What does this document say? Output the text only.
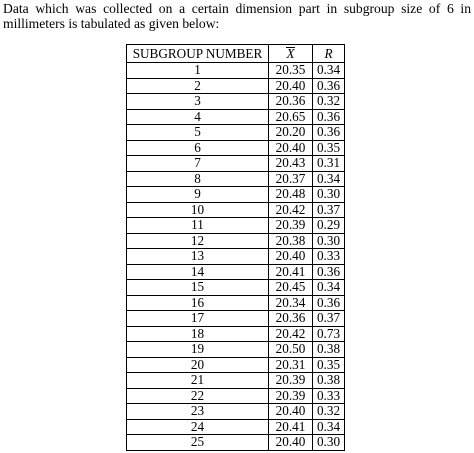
Data which was collected on a certain dimension part in subgroup size of 6 in millimeters is tabulated as given below:

SUBGROUP NUMBER	X	R
1	20.35	0.34
2	20.40	0.36
3	20.36	0.32
4	20.65	0.36
5	20.20	0.36
6	20.40	0.35
7	20.43	0.31
8	20.37	0.34
9	20.48	0.30
10	20.42	0.37
11	20.39	0.29
12	20.38	0.30
13	20.40	0.33
14	20.41	0.36
15	20.45	0.34
16	20.34	0.36
17	20.36	0.37
18	20.42	0.73
19	20.50	0.38
20	20.31	0.35
21	20.39	0.38
22	20.39	0.33
23	20.40	0.32
24	20.41	0.34
25	20.40	0.30
